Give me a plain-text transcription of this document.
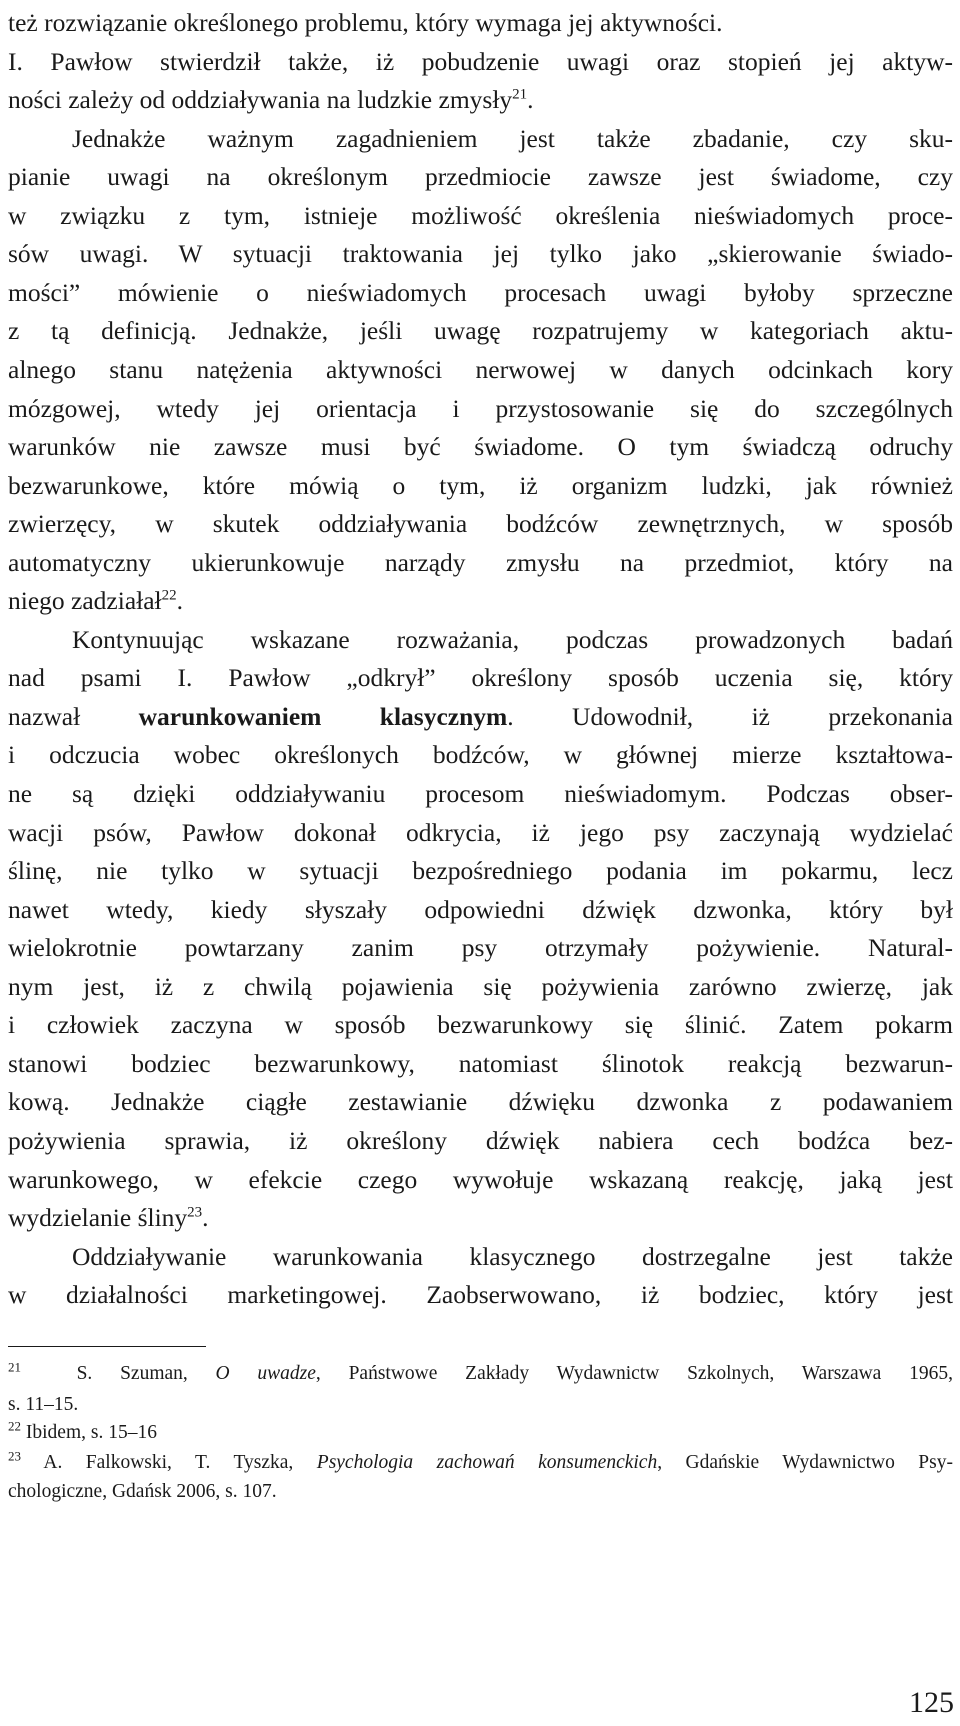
też rozwiązanie określonego problemu, który wymaga jej aktywności.
I. Pawłow stwierdził także, iż pobudzenie uwagi oraz stopień jej aktyw-
ności zależy od oddziaływania na ludzkie zmysły$^{21}$.
Jednakże ważnym zagadnieniem jest także zbadanie, czy sku-
pianie uwagi na określonym przedmiocie zawsze jest świadome, czy
w związku z tym, istnieje możliwość określenia nieświadomych proce-
sów uwagi. W sytuacji traktowania jej tylko jako „skierowanie świado-
mości” mówienie o nieświadomych procesach uwagi byłoby sprzeczne
z tą definicją. Jednakże, jeśli uwagę rozpatrujemy w kategoriach aktu-
alnego stanu natężenia aktywności nerwowej w danych odcinkach kory
mózgowej, wtedy jej orientacja i przystosowanie się do szczególnych
warunków nie zawsze musi być świadome. O tym świadczą odruchy
bezwarunkowe, które mówią o tym, iż organizm ludzki, jak również
zwierzęcy, w skutek oddziaływania bodźców zewnętrznych, w sposób
automatyczny ukierunkowuje narządy zmysłu na przedmiot, który na
niego zadziałał$^{22}$.
Kontynuując wskazane rozważania, podczas prowadzonych badań
nad psami I. Pawłow „odkrył” określony sposób uczenia się, który
nazwał warunkowaniem klasycznym. Udowodnił, iż przekonania
i odczucia wobec określonych bodźców, w głównej mierze kształtowa-
ne są dzięki oddziaływaniu procesom nieświadomym. Podczas obser-
wacji psów, Pawłow dokonał odkrycia, iż jego psy zaczynają wydzielać
ślinę, nie tylko w sytuacji bezpośredniego podania im pokarmu, lecz
nawet wtedy, kiedy słyszały odpowiedni dźwięk dzwonka, który był
wielokrotnie powtarzany zanim psy otrzymały pożywienie. Natural-
nym jest, iż z chwilą pojawienia się pożywienia zarówno zwierzę, jak
i człowiek zaczyna w sposób bezwarunkowy się ślinić. Zatem pokarm
stanowi bodziec bezwarunkowy, natomiast ślinotok reakcją bezwarun-
kową. Jednakże ciągłe zestawianie dźwięku dzwonka z podawaniem
pożywienia sprawia, iż określony dźwięk nabiera cech bodźca bez-
warunkowego, w efekcie czego wywołuje wskazaną reakcję, jaką jest
wydzielanie śliny$^{23}$.
Oddziaływanie warunkowania klasycznego dostrzegalne jest także
w działalności marketingowej. Zaobserwowano, iż bodziec, który jest
$^{21}$  S. Szuman, O uwadze, Państwowe Zakłady Wydawnictw Szkolnych, Warszawa 1965,
s. 11–15.
$^{22}$ Ibidem, s. 15–16
$^{23}$ A. Falkowski, T. Tyszka, Psychologia zachowań konsumenckich, Gdańskie Wydawnictwo Psy-
chologiczne, Gdańsk 2006, s. 107.
125
